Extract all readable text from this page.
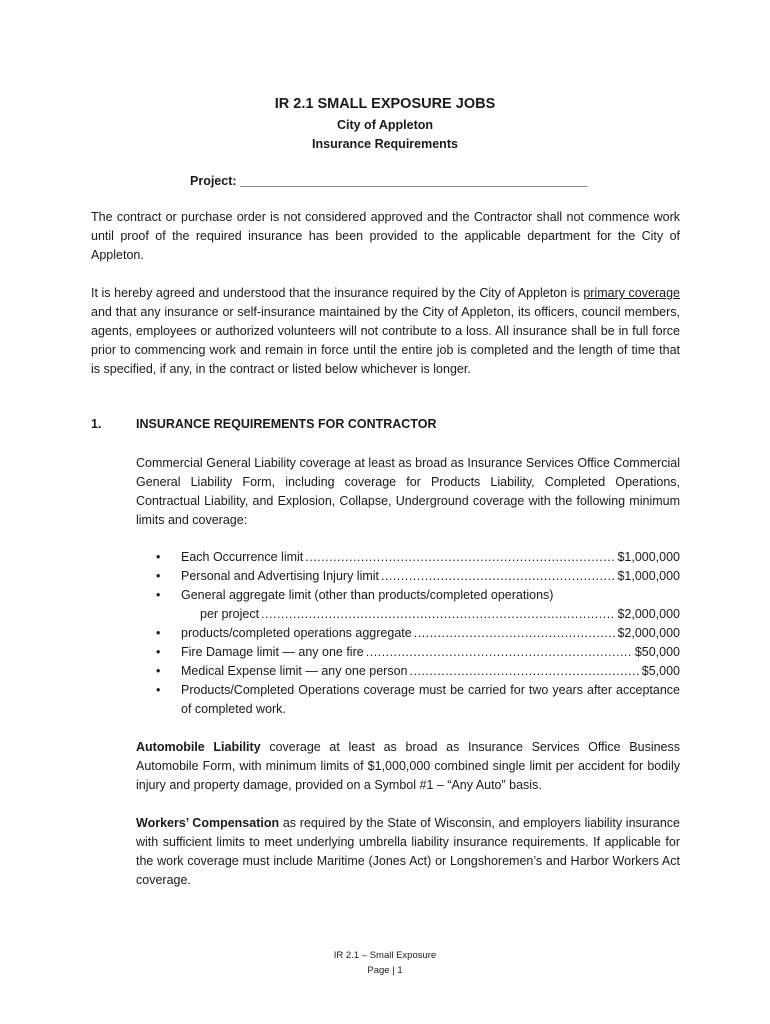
IR 2.1 SMALL EXPOSURE JOBS
City of Appleton
Insurance Requirements
Project: __________________________________________________
The contract or purchase order is not considered approved and the Contractor shall not commence work until proof of the required insurance has been provided to the applicable department for the City of Appleton.
It is hereby agreed and understood that the insurance required by the City of Appleton is primary coverage and that any insurance or self-insurance maintained by the City of Appleton, its officers, council members, agents, employees or authorized volunteers will not contribute to a loss. All insurance shall be in full force prior to commencing work and remain in force until the entire job is completed and the length of time that is specified, if any, in the contract or listed below whichever is longer.
1.	INSURANCE REQUIREMENTS FOR CONTRACTOR
Commercial General Liability coverage at least as broad as Insurance Services Office Commercial General Liability Form, including coverage for Products Liability, Completed Operations, Contractual Liability, and Explosion, Collapse, Underground coverage with the following minimum limits and coverage:
• Each Occurrence limit .....	$1,000,000
• Personal and Advertising Injury limit .....	$1,000,000
• General aggregate limit (other than products/completed operations)
per project .....	$2,000,000
• products/completed operations aggregate .....	$2,000,000
• Fire Damage limit — any one fire .....	$50,000
• Medical Expense limit — any one person .....	$5,000
• Products/Completed Operations coverage must be carried for two years after acceptance of completed work.
Automobile Liability coverage at least as broad as Insurance Services Office Business Automobile Form, with minimum limits of $1,000,000 combined single limit per accident for bodily injury and property damage, provided on a Symbol #1 – “Any Auto” basis.
Workers’ Compensation as required by the State of Wisconsin, and employers liability insurance with sufficient limits to meet underlying umbrella liability insurance requirements. If applicable for the work coverage must include Maritime (Jones Act) or Longshoremen’s and Harbor Workers Act coverage.
IR 2.1 – Small Exposure
Page | 1
